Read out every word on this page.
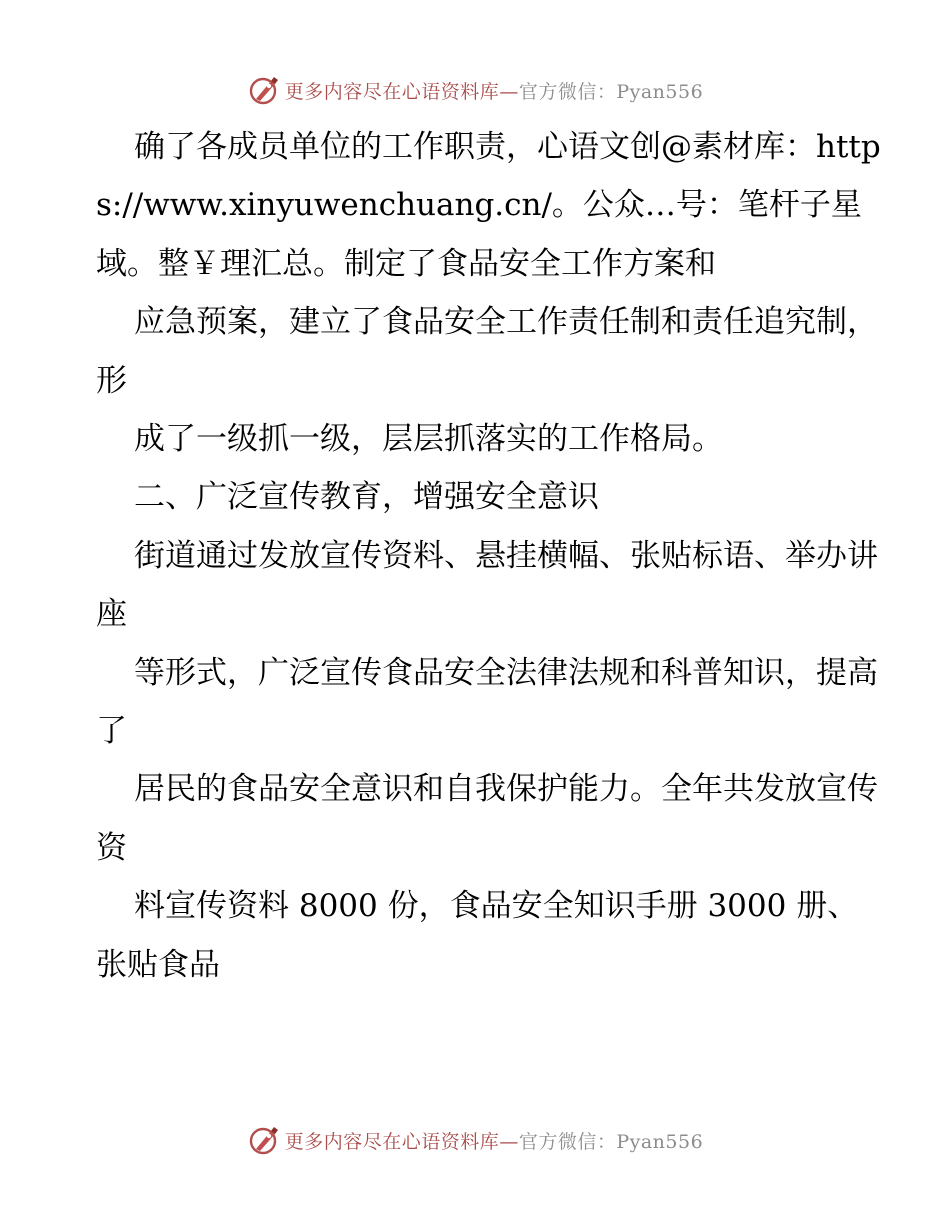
更多内容尽在心语资料库—官方微信：Pyan556

确了各成员单位的工作职责，心语文创@素材库：https://www.xinyuwenchuang.cn/。公众…号：笔杆子星域。整￥理汇总。制定了食品安全工作方案和

应急预案，建立了食品安全工作责任制和责任追究制，形

成了一级抓一级，层层抓落实的工作格局。

二、广泛宣传教育，增强安全意识

街道通过发放宣传资料、悬挂横幅、张贴标语、举办讲座

等形式，广泛宣传食品安全法律法规和科普知识，提高了

居民的食品安全意识和自我保护能力。全年共发放宣传资

料宣传资料 8000 份，食品安全知识手册 3000 册、张贴食品

更多内容尽在心语资料库—官方微信：Pyan556
